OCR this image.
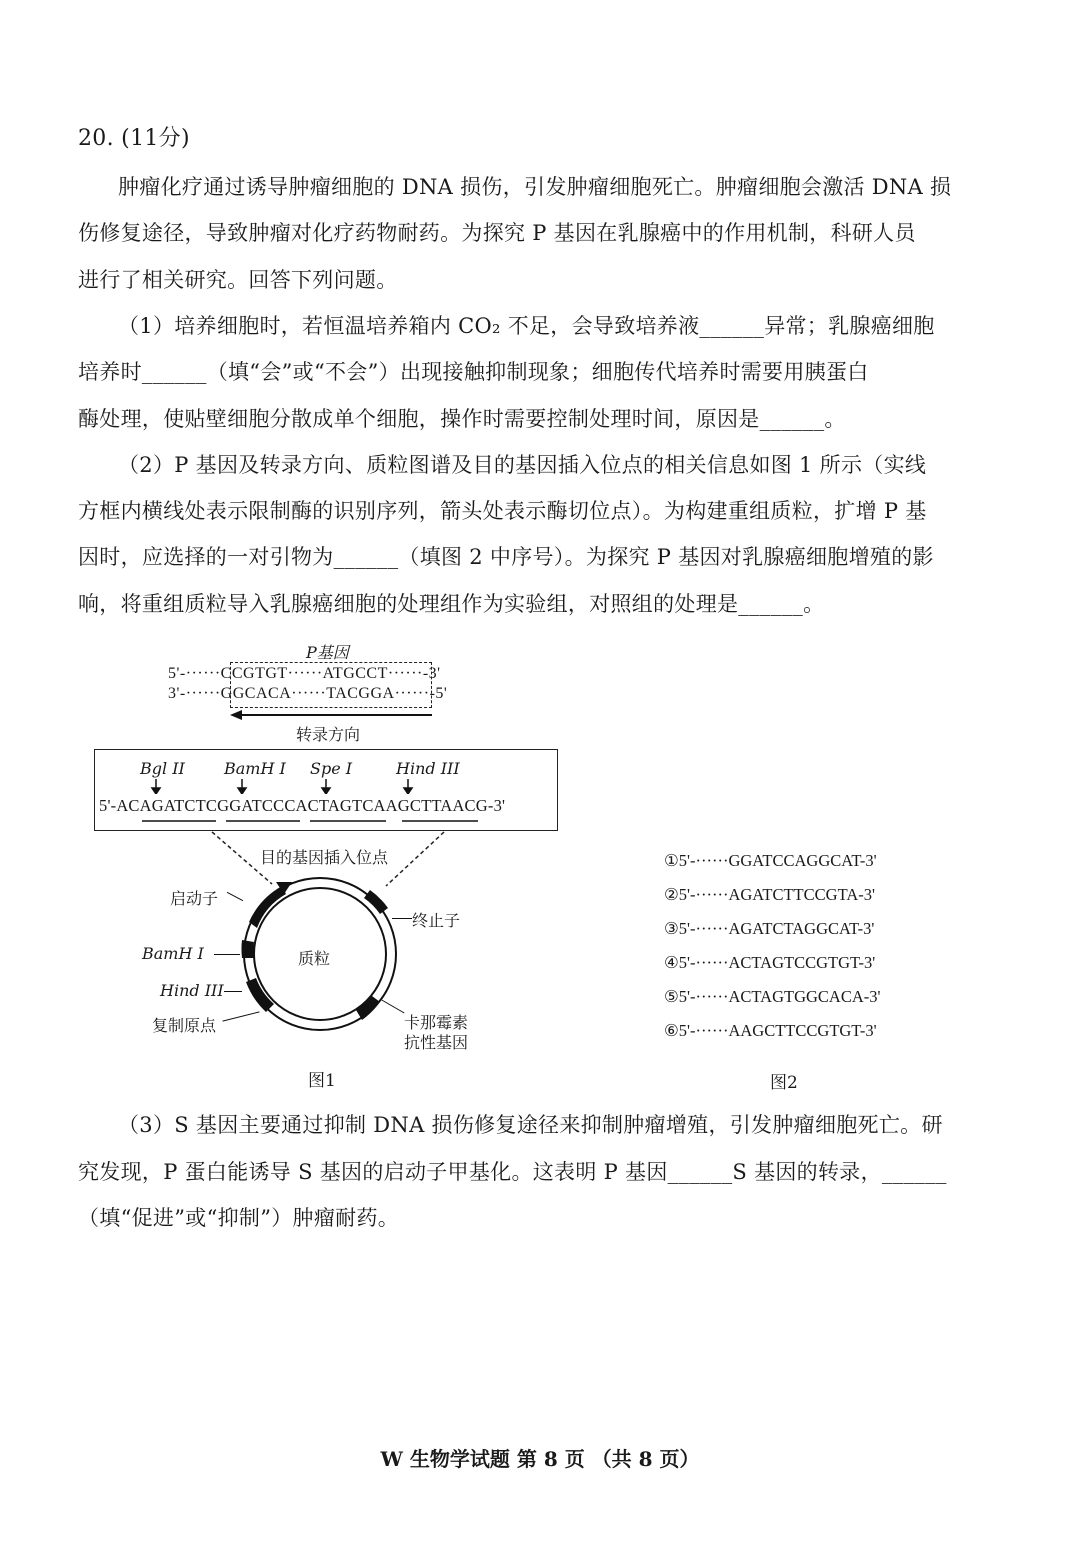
20. (11分)
肿瘤化疗通过诱导肿瘤细胞的 DNA 损伤，引发肿瘤细胞死亡。肿瘤细胞会激活 DNA 损
伤修复途径，导致肿瘤对化疗药物耐药。为探究 P 基因在乳腺癌中的作用机制，科研人员
进行了相关研究。回答下列问题。
（1）培养细胞时，若恒温培养箱内 CO₂ 不足，会导致培养液______异常；乳腺癌细胞
培养时______（填“会”或“不会”）出现接触抑制现象；细胞传代培养时需要用胰蛋白
酶处理，使贴壁细胞分散成单个细胞，操作时需要控制处理时间，原因是______。
（2）P 基因及转录方向、质粒图谱及目的基因插入位点的相关信息如图 1 所示（实线
方框内横线处表示限制酶的识别序列，箭头处表示酶切位点）。为构建重组质粒，扩增 P 基
因时，应选择的一对引物为______（填图 2 中序号）。为探究 P 基因对乳腺癌细胞增殖的影
响，将重组质粒导入乳腺癌细胞的处理组作为实验组，对照组的处理是______。
P基因
5'-······CCGTGT······ATGCCT······-3'
3'-······GGCACA······TACGGA······-5'
转录方向
Bgl II BamH I Spe I	Hind III
5'-ACAGATCTCGGATCCCACTAGTCAAGCTTAACG-3'
目的基因插入位点
质粒
启动子
终止子
BamH I
Hind III
复制原点	卡那霉素
抗性基因
图1
①5'-······GGATCCAGGCAT-3'
②5'-······AGATCTTCCGTA-3'
③5'-······AGATCTAGGCAT-3'
④5'-······ACTAGTCCGTGT-3'
⑤5'-······ACTAGTGGCACA-3'
⑥5'-······AAGCTTCCGTGT-3'
图2
（3）S 基因主要通过抑制 DNA 损伤修复途径来抑制肿瘤增殖，引发肿瘤细胞死亡。研
究发现，P 蛋白能诱导 S 基因的启动子甲基化。这表明 P 基因______S 基因的转录，______
（填“促进”或“抑制”）肿瘤耐药。
W 生物学试题 第 8 页 （共 8 页）
